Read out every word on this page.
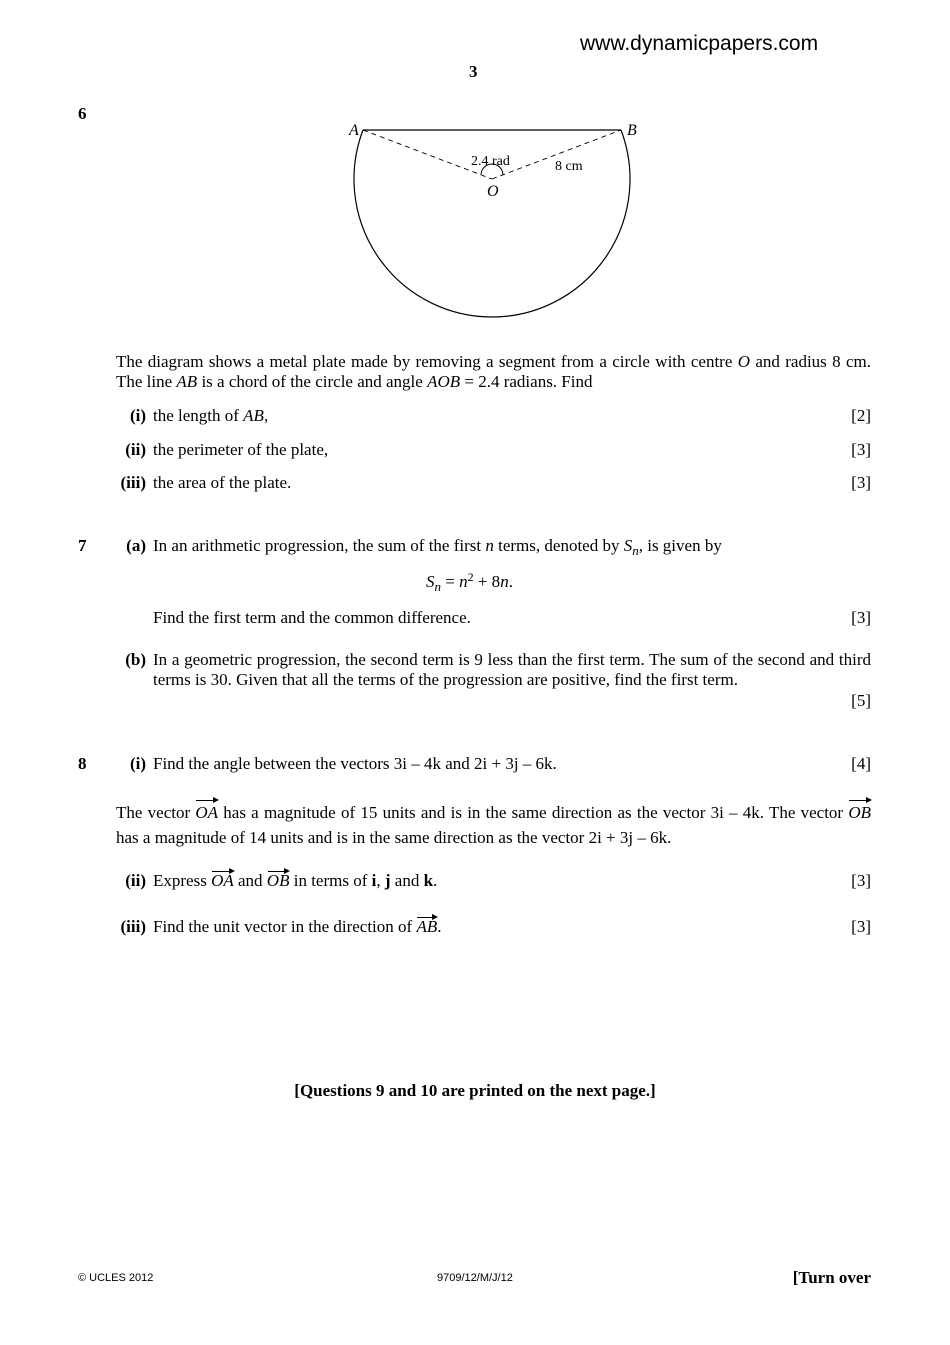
www.dynamicpapers.com
3
6
A	B
O
2.4 rad	8 cm
The diagram shows a metal plate made by removing a segment from a circle with centre O and radius 8 cm. The line AB is a chord of the circle and angle AOB = 2.4 radians. Find
(i) the length of AB,	[2]
(ii) the perimeter of the plate,	[3]
(iii) the area of the plate.	[3]
7	(a) In an arithmetic progression, the sum of the first n terms, denoted by $S_n$, is given by
$S_n = n^2 + 8n$.
Find the first term and the common difference.	[3]
(b) In a geometric progression, the second term is 9 less than the first term. The sum of the second and third terms is 30. Given that all the terms of the progression are positive, find the first term.
[5]
8	(i) Find the angle between the vectors 3i – 4k and 2i + 3j – 6k.	[4]
The vector OA has a magnitude of 15 units and is in the same direction as the vector 3i – 4k. The vector OB has a magnitude of 14 units and is in the same direction as the vector 2i + 3j – 6k.
(ii) Express OA and OB in terms of i, j and k.	[3]
(iii) Find the unit vector in the direction of AB.	[3]
[Questions 9 and 10 are printed on the next page.]
© UCLES 2012	9709/12/M/J/12	[Turn over
